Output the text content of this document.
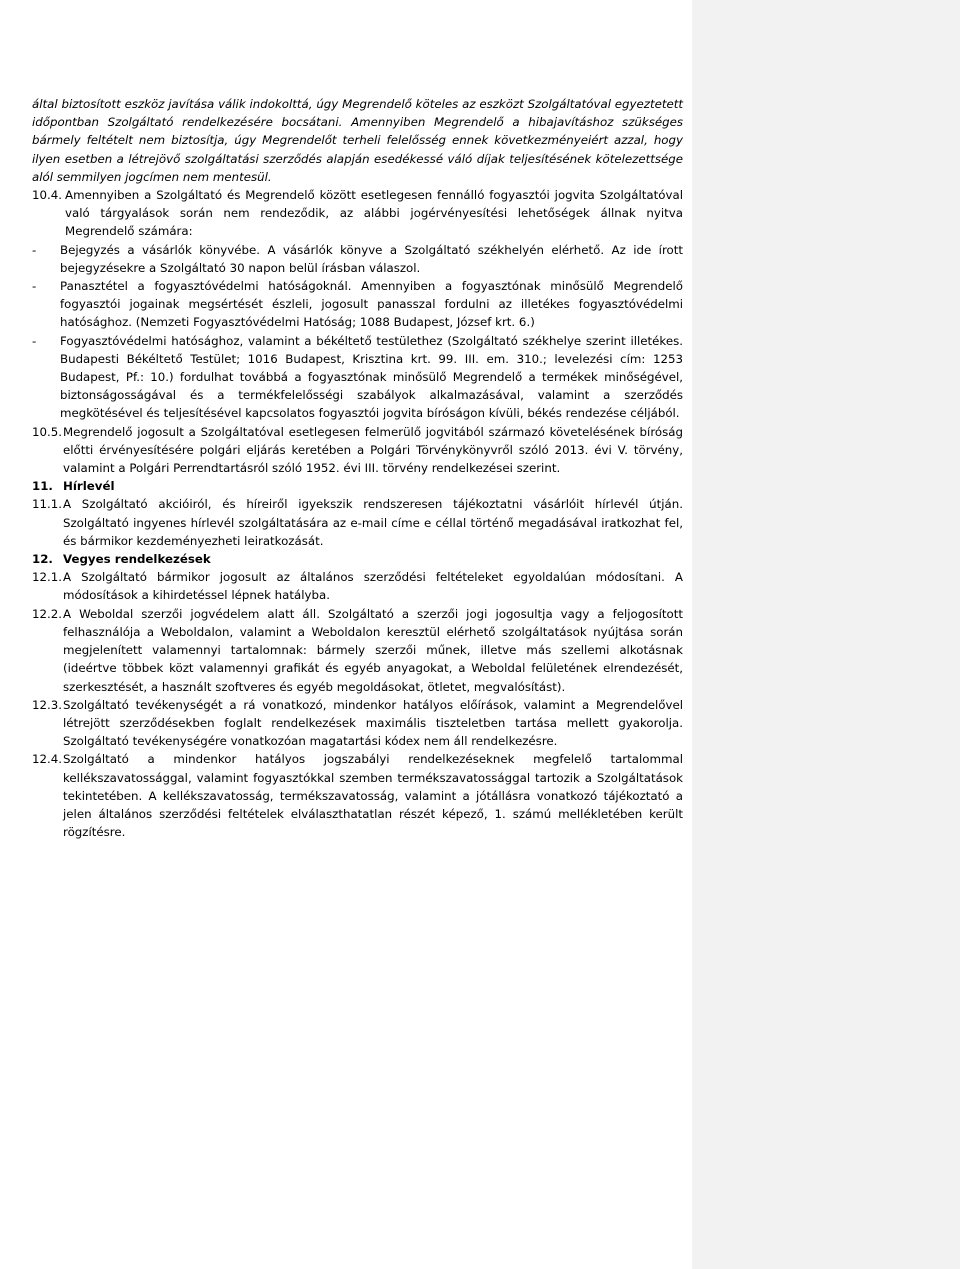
által biztosított eszköz javítása válik indokolttá, úgy Megrendelő köteles az eszközt Szolgáltatóval egyeztetett időpontban Szolgáltató rendelkezésére bocsátani. Amennyiben Megrendelő a hibajavításhoz szükséges bármely feltételt nem biztosítja, úgy Megrendelőt terheli felelősség ennek következményeiért azzal, hogy ilyen esetben a létrejövő szolgáltatási szerződés alapján esedékessé váló díjak teljesítésének kötelezettsége alól semmilyen jogcímen nem mentesül.

10.4. Amennyiben a Szolgáltató és Megrendelő között esetlegesen fennálló fogyasztói jogvita Szolgáltatóval való tárgyalások során nem rendeződik, az alábbi jogérvényesítési lehetőségek állnak nyitva Megrendelő számára:
-	Bejegyzés a vásárlók könyvébe. A vásárlók könyve a Szolgáltató székhelyén elérhető. Az ide írott bejegyzésekre a Szolgáltató 30 napon belül írásban válaszol.
-	Panasztétel a fogyasztóvédelmi hatóságoknál. Amennyiben a fogyasztónak minősülő Megrendelő fogyasztói jogainak megsértését észleli, jogosult panasszal fordulni az illetékes fogyasztóvédelmi hatósághoz. (Nemzeti Fogyasztóvédelmi Hatóság; 1088 Budapest, József krt. 6.)
-	Fogyasztóvédelmi hatósághoz, valamint a békéltető testülethez (Szolgáltató székhelye szerint illetékes. Budapesti Békéltető Testület; 1016 Budapest, Krisztina krt. 99. III. em. 310.; levelezési cím: 1253 Budapest, Pf.: 10.) fordulhat továbbá a fogyasztónak minősülő Megrendelő a termékek minőségével, biztonságosságával és a termékfelelősségi szabályok alkalmazásával, valamint a szerződés megkötésével és teljesítésével kapcsolatos fogyasztói jogvita bíróságon kívüli, békés rendezése céljából.
10.5. Megrendelő jogosult a Szolgáltatóval esetlegesen felmerülő jogvitából származó követelésének bíróság előtti érvényesítésére polgári eljárás keretében a Polgári Törvénykönyvről szóló 2013. évi V. törvény, valamint a Polgári Perrendtartásról szóló 1952. évi III. törvény rendelkezései szerint.
11. Hírlevél
11.1. A Szolgáltató akcióiról, és híreiről igyekszik rendszeresen tájékoztatni vásárlóit hírlevél útján. Szolgáltató ingyenes hírlevél szolgáltatására az e-mail címe e céllal történő megadásával iratkozhat fel, és bármikor kezdeményezheti leiratkozását.
12. Vegyes rendelkezések
12.1. A Szolgáltató bármikor jogosult az általános szerződési feltételeket egyoldalúan módosítani. A módosítások a kihirdetéssel lépnek hatályba.
12.2. A Weboldal szerzői jogvédelem alatt áll. Szolgáltató a szerzői jogi jogosultja vagy a feljogosított felhasználója a Weboldalon, valamint a Weboldalon keresztül elérhető szolgáltatások nyújtása során megjelenített valamennyi tartalomnak: bármely szerzői műnek, illetve más szellemi alkotásnak (ideértve többek közt valamennyi grafikát és egyéb anyagokat, a Weboldal felületének elrendezését, szerkesztését, a használt szoftveres és egyéb megoldásokat, ötletet, megvalósítást).
12.3. Szolgáltató tevékenységét a rá vonatkozó, mindenkor hatályos előírások, valamint a Megrendelővel létrejött szerződésekben foglalt rendelkezések maximális tiszteletben tartása mellett gyakorolja. Szolgáltató tevékenységére vonatkozóan magatartási kódex nem áll rendelkezésre.
12.4. Szolgáltató a mindenkor hatályos jogszabályi rendelkezéseknek megfelelő tartalommal kellékszavatossággal, valamint fogyasztókkal szemben termékszavatossággal tartozik a Szolgáltatások tekintetében. A kellékszavatosság, termékszavatosság, valamint a jótállásra vonatkozó tájékoztató a jelen általános szerződési feltételek elválaszthatatlan részét képező, 1. számú mellékletében került rögzítésre.
